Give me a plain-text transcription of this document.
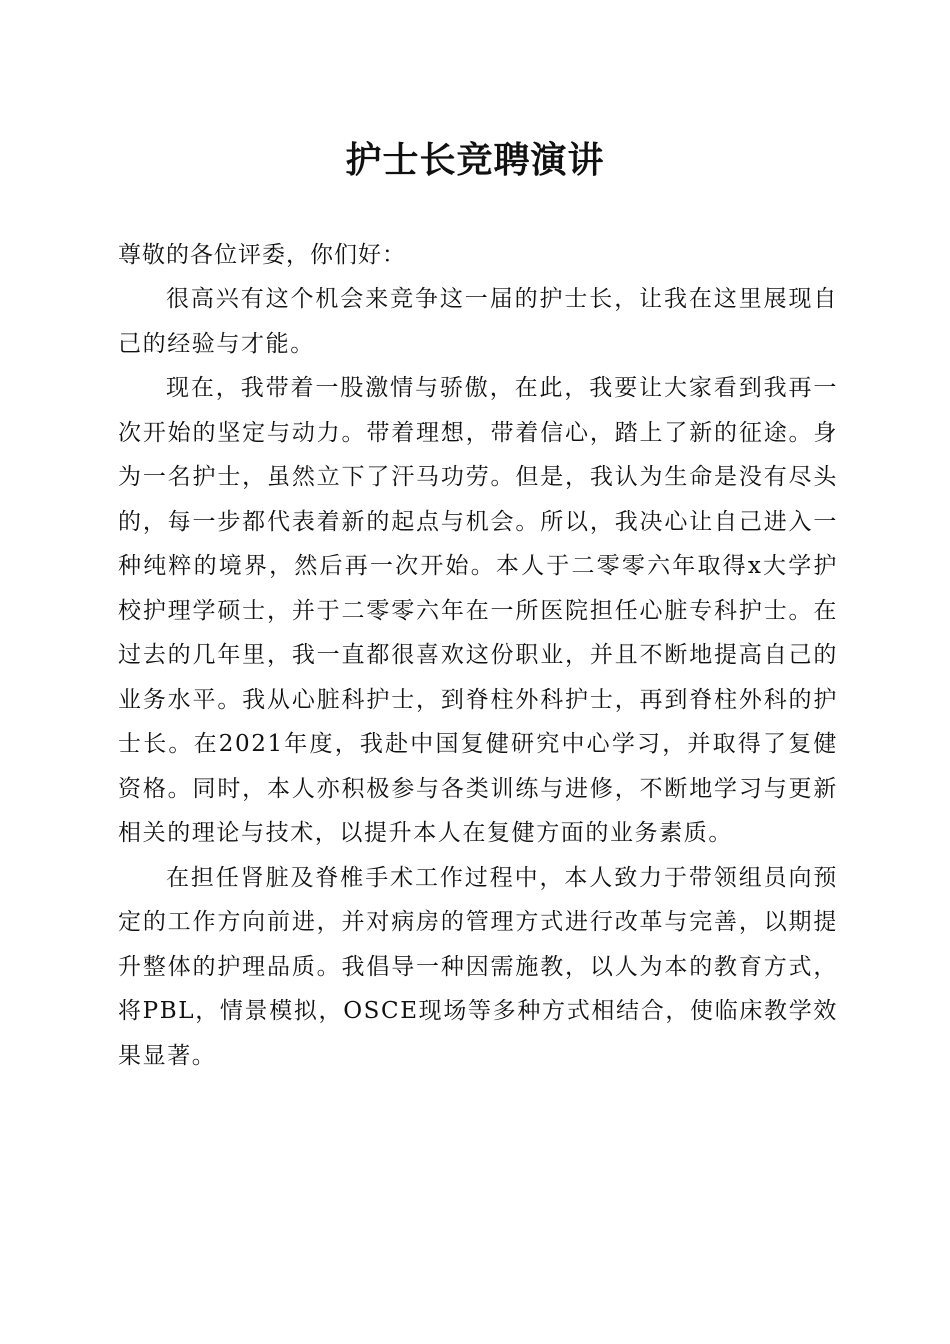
护士长竞聘演讲

尊敬的各位评委，你们好：

很高兴有这个机会来竞争这一届的护士长，让我在这里展现自己的经验与才能。

现在，我带着一股激情与骄傲，在此，我要让大家看到我再一次开始的坚定与动力。带着理想，带着信心，踏上了新的征途。身为一名护士，虽然立下了汗马功劳。但是，我认为生命是没有尽头的，每一步都代表着新的起点与机会。所以，我决心让自己进入一种纯粹的境界，然后再一次开始。本人于二零零六年取得x大学护校护理学硕士，并于二零零六年在一所医院担任心脏专科护士。在过去的几年里，我一直都很喜欢这份职业，并且不断地提高自己的业务水平。我从心脏科护士，到脊柱外科护士，再到脊柱外科的护士长。在2021年度，我赴中国复健研究中心学习，并取得了复健资格。同时，本人亦积极参与各类训练与进修，不断地学习与更新相关的理论与技术，以提升本人在复健方面的业务素质。

在担任肾脏及脊椎手术工作过程中，本人致力于带领组员向预定的工作方向前进，并对病房的管理方式进行改革与完善，以期提升整体的护理品质。我倡导一种因需施教，以人为本的教育方式，将PBL，情景模拟，OSCE现场等多种方式相结合，使临床教学效果显著。
